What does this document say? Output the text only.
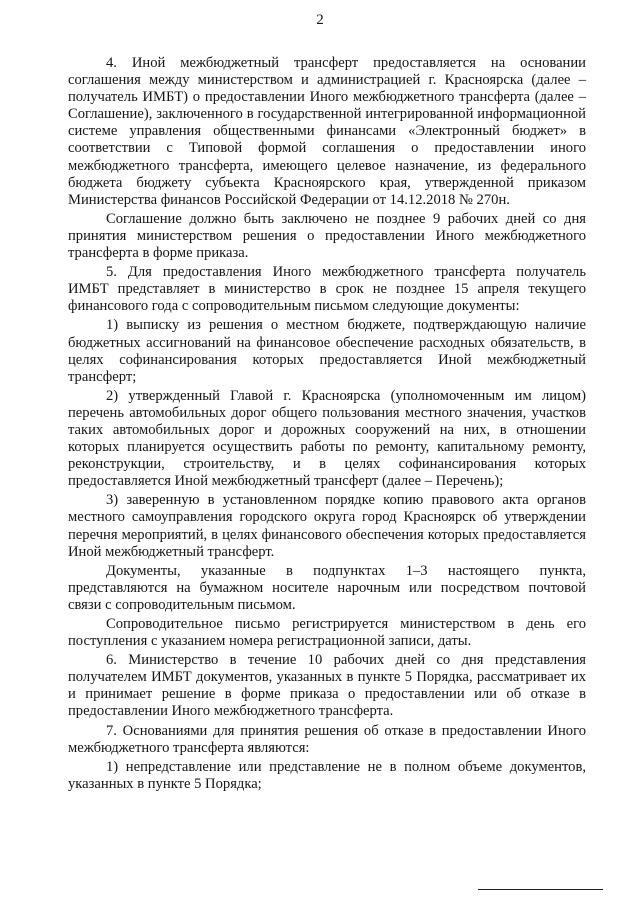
2

4. Иной межбюджетный трансферт предоставляется на основании соглашения между министерством и администрацией г. Красноярска (далее – получатель ИМБТ) о предоставлении Иного межбюджетного трансферта (далее – Соглашение), заключенного в государственной интегрированной информационной системе управления общественными финансами «Электронный бюджет» в соответствии с Типовой формой соглашения о предоставлении иного межбюджетного трансферта, имеющего целевое назначение, из федерального бюджета бюджету субъекта Красноярского края, утвержденной приказом Министерства финансов Российской Федерации от 14.12.2018 № 270н.

Соглашение должно быть заключено не позднее 9 рабочих дней со дня принятия министерством решения о предоставлении Иного межбюджетного трансферта в форме приказа.

5. Для предоставления Иного межбюджетного трансферта получатель ИМБТ представляет в министерство в срок не позднее 15 апреля текущего финансового года с сопроводительным письмом следующие документы:

1) выписку из решения о местном бюджете, подтверждающую наличие бюджетных ассигнований на финансовое обеспечение расходных обязательств, в целях софинансирования которых предоставляется Иной межбюджетный трансферт;

2) утвержденный Главой г. Красноярска (уполномоченным им лицом) перечень автомобильных дорог общего пользования местного значения, участков таких автомобильных дорог и дорожных сооружений на них, в отношении которых планируется осуществить работы по ремонту, капитальному ремонту, реконструкции, строительству, и в целях софинансирования которых предоставляется Иной межбюджетный трансферт (далее – Перечень);

3) заверенную в установленном порядке копию правового акта органов местного самоуправления городского округа город Красноярск об утверждении перечня мероприятий, в целях финансового обеспечения которых предоставляется Иной межбюджетный трансферт.

Документы, указанные в подпунктах 1–3 настоящего пункта, представляются на бумажном носителе нарочным или посредством почтовой связи с сопроводительным письмом.

Сопроводительное письмо регистрируется министерством в день его поступления с указанием номера регистрационной записи, даты.

6. Министерство в течение 10 рабочих дней со дня представления получателем ИМБТ документов, указанных в пункте 5 Порядка, рассматривает их и принимает решение в форме приказа о предоставлении или об отказе в предоставлении Иного межбюджетного трансферта.

7. Основаниями для принятия решения об отказе в предоставлении Иного межбюджетного трансферта являются:

1) непредставление или представление не в полном объеме документов, указанных в пункте 5 Порядка;
